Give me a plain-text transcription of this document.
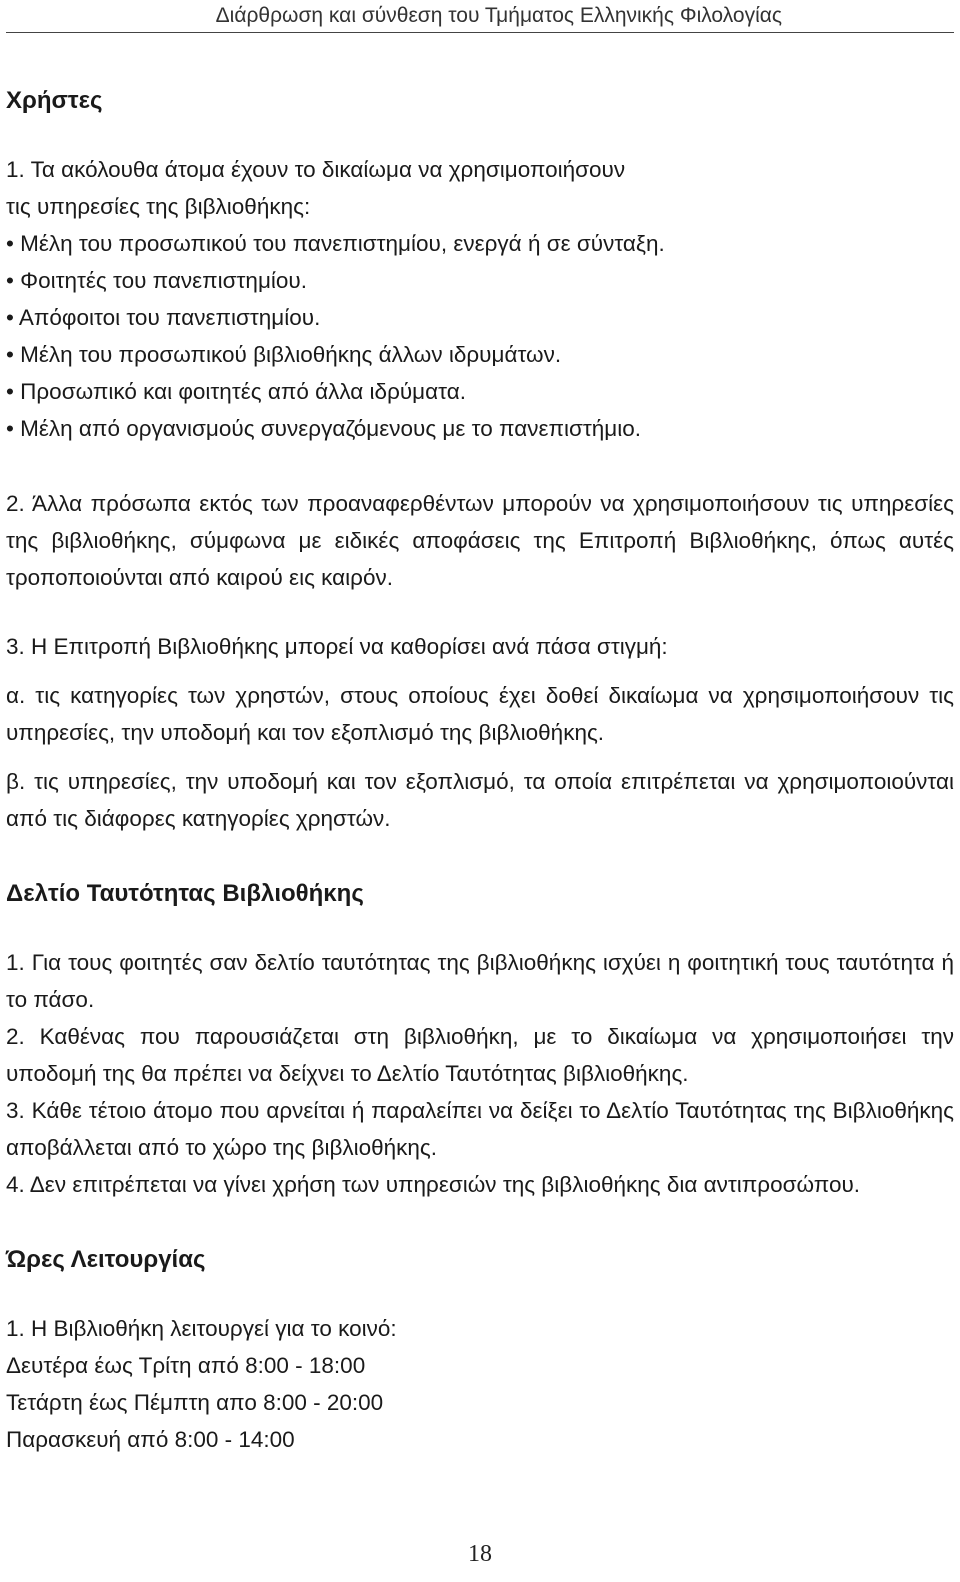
Διάρθρωση και σύνθεση του Τμήματος Ελληνικής Φιλολογίας
Χρήστες

1. Τα ακόλουθα άτομα έχουν το δικαίωμα να χρησιμοποιήσουν

τις υπηρεσίες της βιβλιοθήκης:

• Μέλη του προσωπικού του πανεπιστημίου, ενεργά ή σε σύνταξη.

• Φοιτητές του πανεπιστημίου.

• Απόφοιτοι του πανεπιστημίου.

• Μέλη του προσωπικού βιβλιοθήκης άλλων ιδρυμάτων.

• Προσωπικό και φοιτητές από άλλα ιδρύματα.

• Μέλη από οργανισμούς συνεργαζόμενους με το πανεπιστήμιο.

2. Άλλα πρόσωπα εκτός των προαναφερθέντων μπορούν να χρησιμοποιήσουν τις υπηρεσίες της βιβλιοθήκης, σύμφωνα με ειδικές αποφάσεις της Επιτροπή Βιβλιοθήκης, όπως αυτές τροποποιούνται από καιρού εις καιρόν.

3. Η Επιτροπή Βιβλιοθήκης μπορεί να καθορίσει ανά πάσα στιγμή:

α. τις κατηγορίες των χρηστών, στους οποίους έχει δοθεί δικαίωμα να χρησιμοποιήσουν τις υπηρεσίες, την υποδομή και τον εξοπλισμό της βιβλιοθήκης.

β. τις υπηρεσίες, την υποδομή και τον εξοπλισμό, τα οποία επιτρέπεται να χρησιμοποιούνται από τις διάφορες κατηγορίες χρηστών.

Δελτίο Ταυτότητας Βιβλιοθήκης

1. Για τους φοιτητές σαν δελτίο ταυτότητας της βιβλιοθήκης ισχύει η φοιτητική τους ταυτότητα ή το πάσο.

2. Καθένας που παρουσιάζεται στη βιβλιοθήκη, με το δικαίωμα να χρησιμοποιήσει την υποδομή της θα πρέπει να δείχνει το Δελτίο Ταυτότητας βιβλιοθήκης.

3. Κάθε τέτοιο άτομο που αρνείται ή παραλείπει να δείξει το Δελτίο Ταυτότητας της Βιβλιοθήκης αποβάλλεται από το χώρο της βιβλιοθήκης.

4. Δεν επιτρέπεται να γίνει χρήση των υπηρεσιών της βιβλιοθήκης δια αντιπροσώπου.

Ώρες Λειτουργίας

1. Η Βιβλιοθήκη λειτουργεί για το κοινό:

Δευτέρα έως Τρίτη από 8:00 - 18:00

Τετάρτη έως Πέμπτη απο 8:00 - 20:00

Παρασκευή από 8:00 - 14:00

18
